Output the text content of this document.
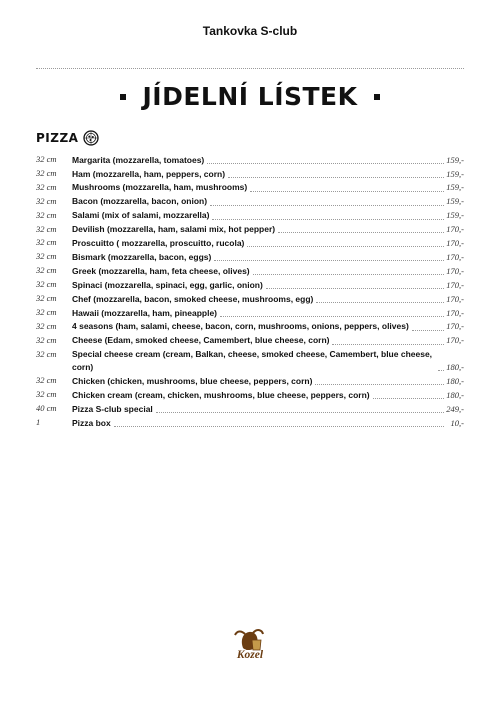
Tankovka S-club
JÍDELNÍ LÍSTEK
PIZZA
32 cm	Margarita (mozzarella, tomatoes)	159,-
32 cm	Ham (mozzarella, ham, peppers, corn)	159,-
32 cm	Mushrooms (mozzarella, ham, mushrooms)	159,-
32 cm	Bacon (mozzarella, bacon, onion)	159,-
32 cm	Salami (mix of salami, mozzarella)	159,-
32 cm	Devilish (mozzarella, ham, salami mix, hot pepper)	170,-
32 cm	Proscuitto ( mozzarella, proscuitto, rucola)	170,-
32 cm	Bismark (mozzarella, bacon, eggs)	170,-
32 cm	Greek (mozzarella, ham, feta cheese, olives)	170,-
32 cm	Spinaci (mozzarella, spinaci, egg, garlic, onion)	170,-
32 cm	Chef (mozzarella, bacon, smoked cheese, mushrooms, egg)	170,-
32 cm	Hawaii (mozzarella, ham, pineapple)	170,-
32 cm	4 seasons (ham, salami, cheese, bacon, corn, mushrooms, onions, peppers, olives)	170,-
32 cm	Cheese (Edam, smoked cheese, Camembert, blue cheese, corn)	170,-
32 cm	Special cheese cream (cream, Balkan, cheese, smoked cheese, Camembert, blue cheese, corn)	180,-
32 cm	Chicken (chicken, mushrooms, blue cheese, peppers, corn)	180,-
32 cm	Chicken cream (cream, chicken, mushrooms, blue cheese, peppers, corn)	180,-
40 cm	Pizza S-club special	249,-
1	Pizza box	10,-
Kozel
